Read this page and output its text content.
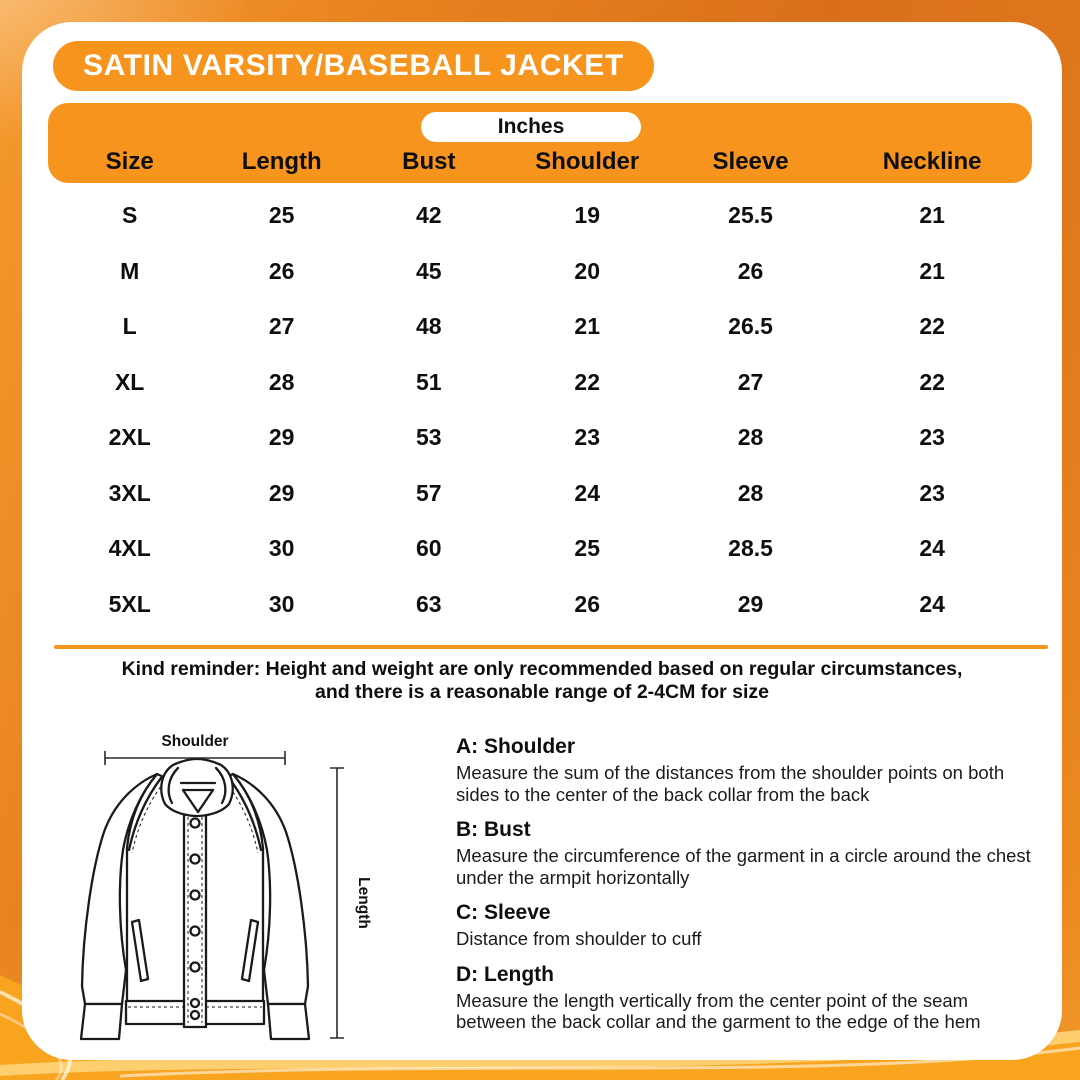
SATIN VARSITY/BASEBALL JACKET
Inches
Size	Length	Bust	Shoulder	Sleeve	Neckline
S	25	42	19	25.5	21
M	26	45	20	26	21
L	27	48	21	26.5	22
XL	28	51	22	27	22
2XL	29	53	23	28	23
3XL	29	57	24	28	23
4XL	30	60	25	28.5	24
5XL	30	63	26	29	24
Kind reminder: Height and weight are only recommended based on regular circumstances,
and there is a reasonable range of 2-4CM for size
Shoulder
Length
A: Shoulder

Measure the sum of the distances from the shoulder points on both sides to the center of the back collar from the back

B: Bust

Measure the circumference of the garment in a circle around the chest under the armpit horizontally

C: Sleeve

Distance from shoulder to cuff

D: Length

Measure the length vertically from the center point of the seam between the back collar and the garment to the edge of the hem
